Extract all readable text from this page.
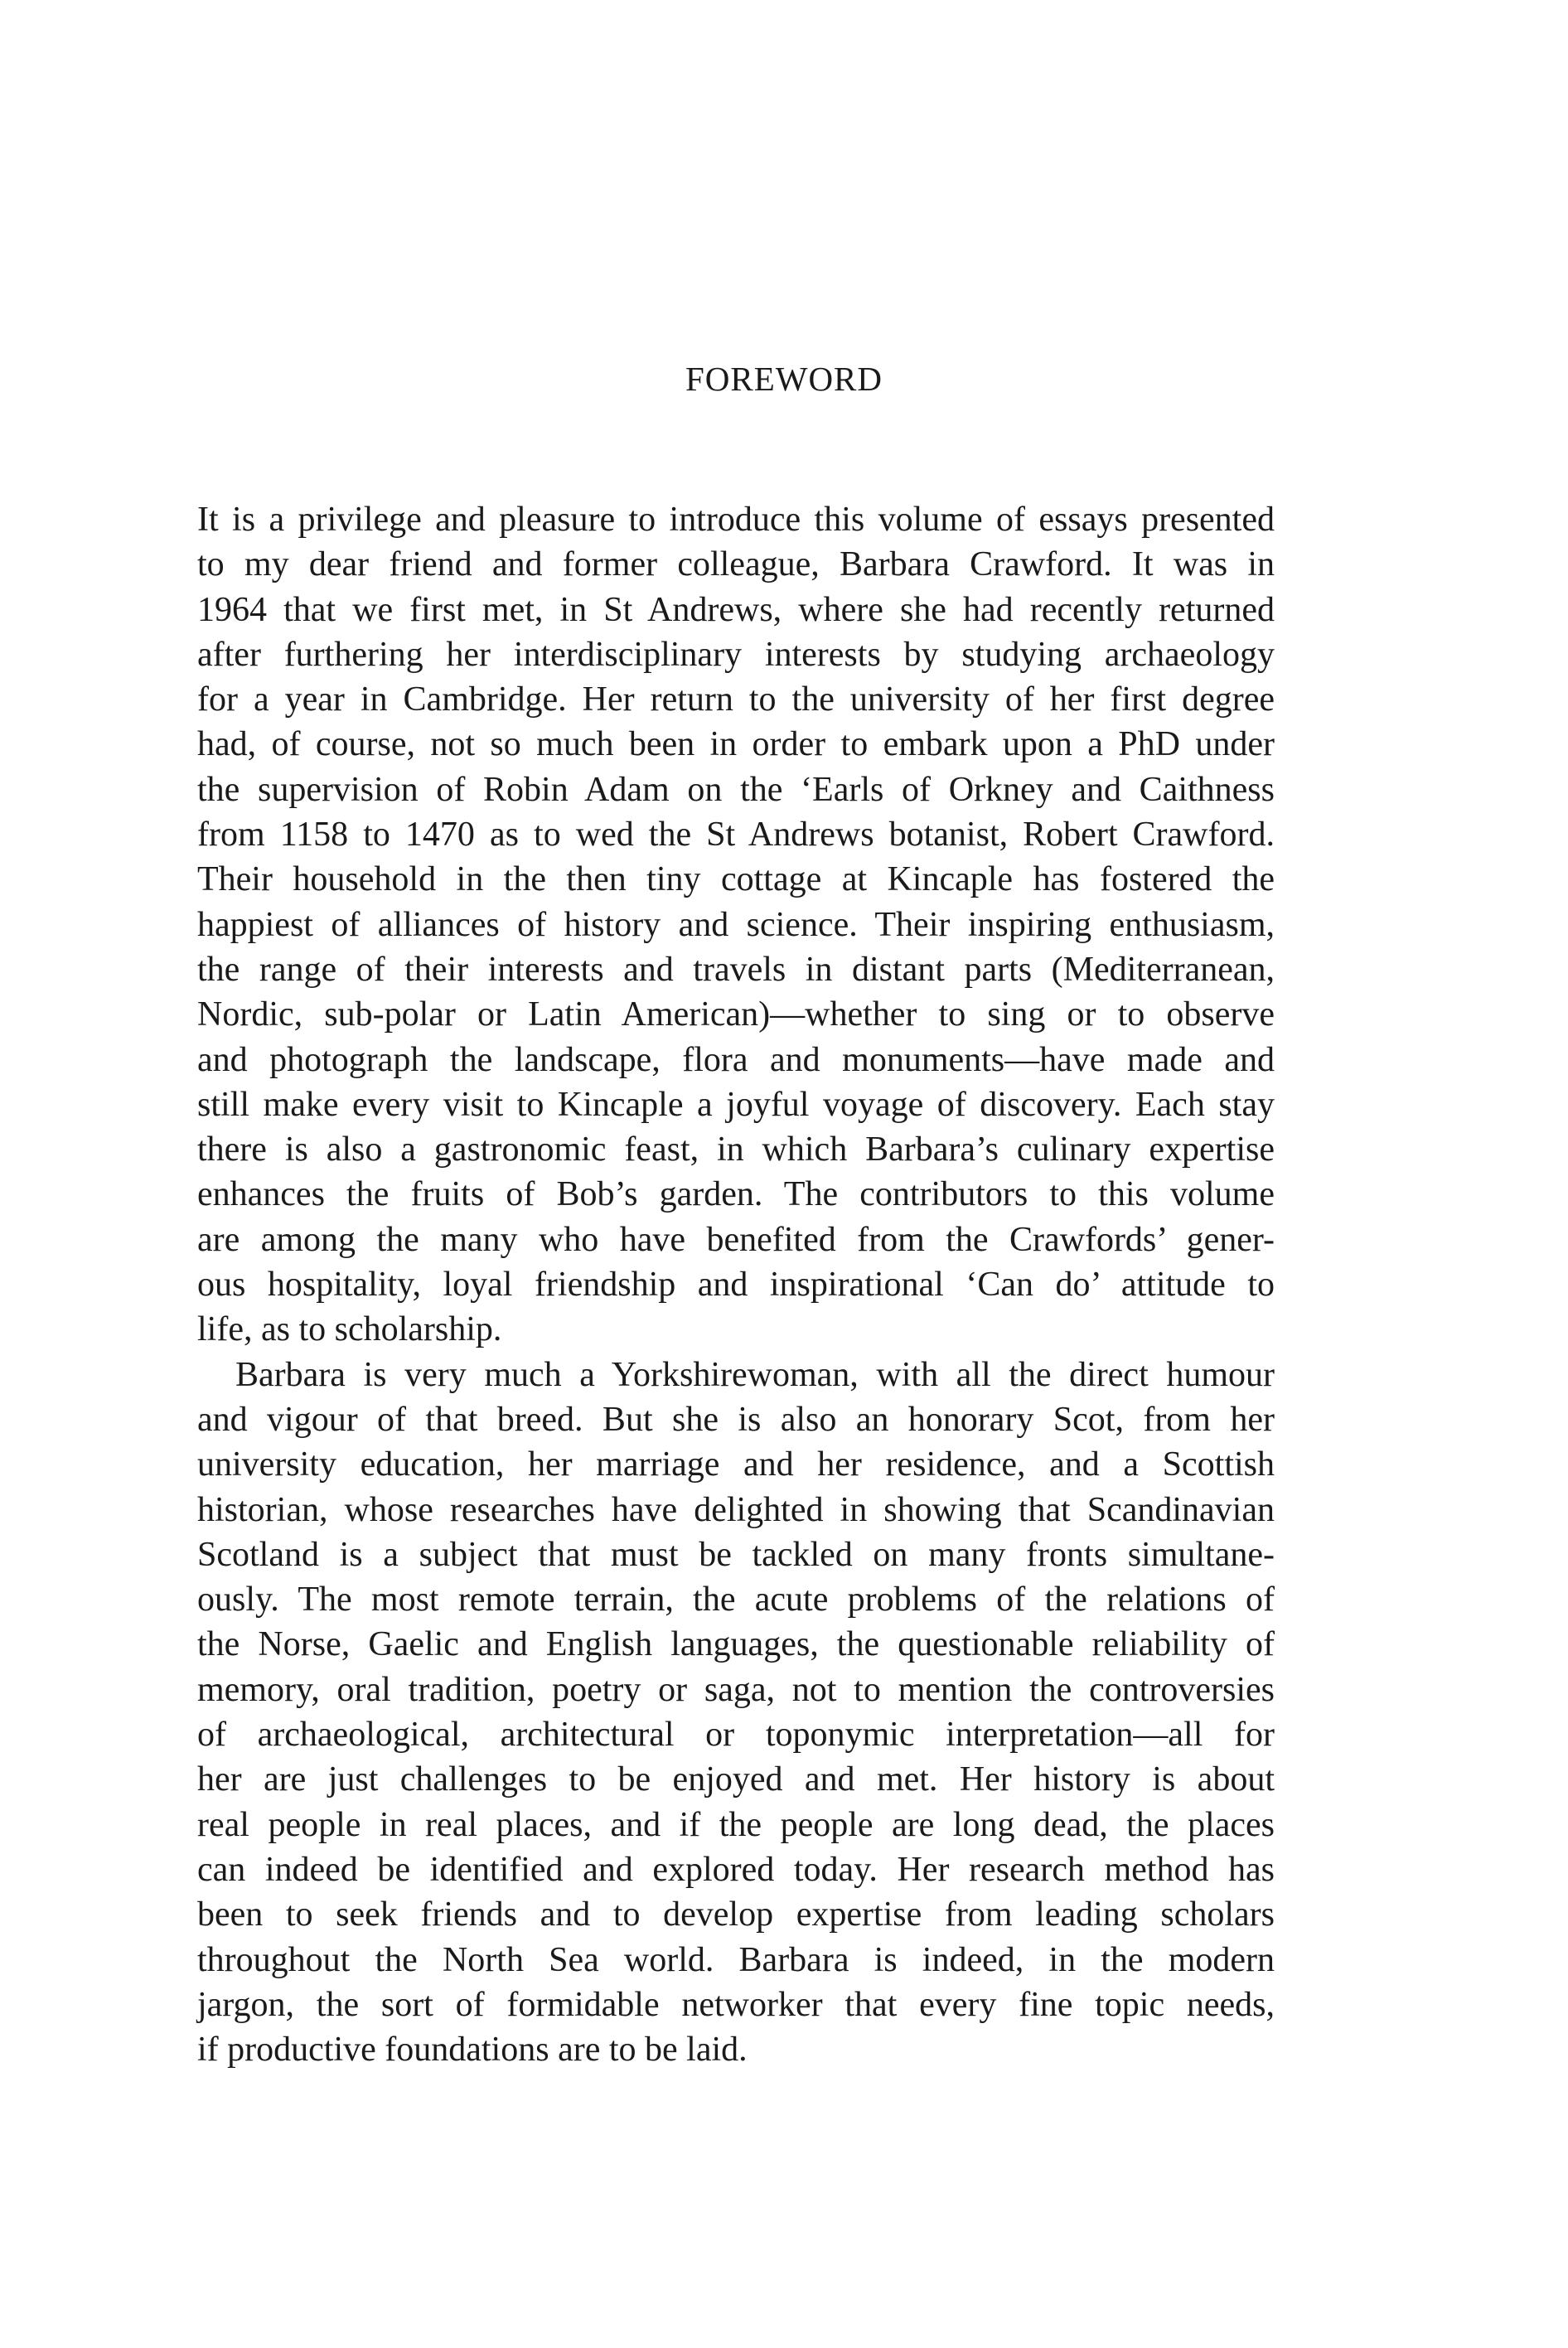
FOREWORD
It is a privilege and pleasure to introduce this volume of essays presented
to my dear friend and former colleague, Barbara Crawford. It was in
1964 that we first met, in St Andrews, where she had recently returned
after furthering her interdisciplinary interests by studying archaeology
for a year in Cambridge. Her return to the university of her first degree
had, of course, not so much been in order to embark upon a PhD under
the supervision of Robin Adam on the ‘Earls of Orkney and Caithness
from 1158 to 1470 as to wed the St Andrews botanist, Robert Crawford.
Their household in the then tiny cottage at Kincaple has fostered the
happiest of alliances of history and science. Their inspiring enthusiasm,
the range of their interests and travels in distant parts (Mediterranean,
Nordic, sub-polar or Latin American)—whether to sing or to observe
and photograph the landscape, flora and monuments—have made and
still make every visit to Kincaple a joyful voyage of discovery. Each stay
there is also a gastronomic feast, in which Barbara’s culinary expertise
enhances the fruits of Bob’s garden. The contributors to this volume
are among the many who have benefited from the Crawfords’ gener-
ous hospitality, loyal friendship and inspirational ‘Can do’ attitude to
life, as to scholarship.
Barbara is very much a Yorkshirewoman, with all the direct humour
and vigour of that breed. But she is also an honorary Scot, from her
university education, her marriage and her residence, and a Scottish
historian, whose researches have delighted in showing that Scandinavian
Scotland is a subject that must be tackled on many fronts simultane-
ously. The most remote terrain, the acute problems of the relations of
the Norse, Gaelic and English languages, the questionable reliability of
memory, oral tradition, poetry or saga, not to mention the controversies
of archaeological, architectural or toponymic interpretation—all for
her are just challenges to be enjoyed and met. Her history is about
real people in real places, and if the people are long dead, the places
can indeed be identified and explored today. Her research method has
been to seek friends and to develop expertise from leading scholars
throughout the North Sea world. Barbara is indeed, in the modern
jargon, the sort of formidable networker that every fine topic needs,
if productive foundations are to be laid.
